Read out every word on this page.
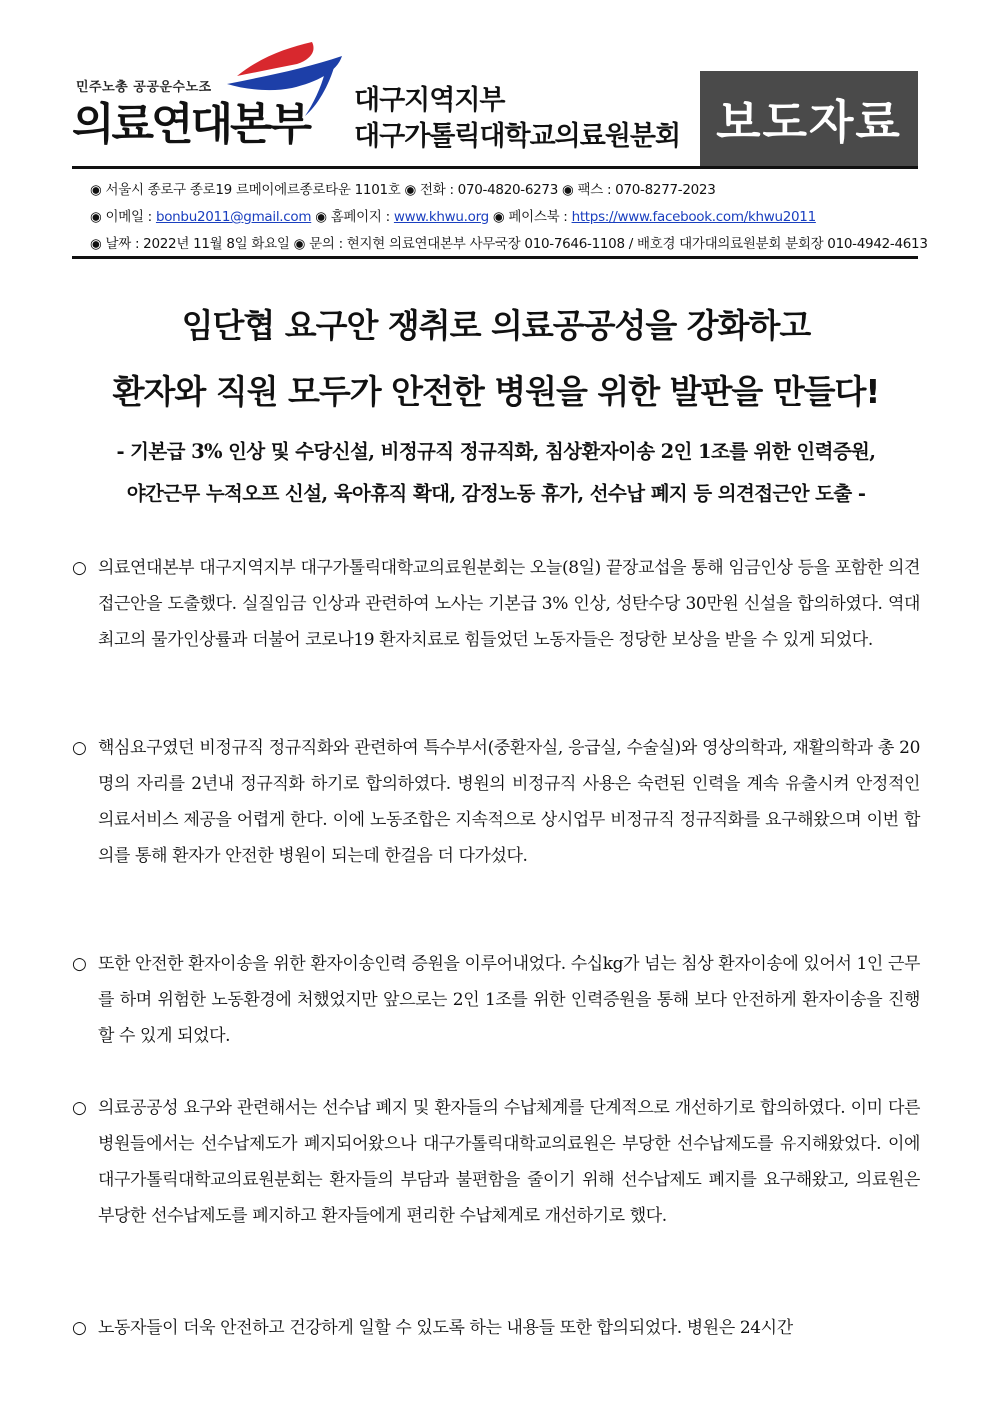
민주노총 공공운수노조
의료연대본부 대구지역지부
대구가톨릭대학교의료원분회 보도자료
◉ 서울시 종로구 종로19 르메이에르종로타운 1101호 ◉ 전화 : 070-4820-6273 ◉ 팩스 : 070-8277-2023
◉ 이메일 : bonbu2011@gmail.com ◉ 홈페이지 : www.khwu.org ◉ 페이스북 : https://www.facebook.com/khwu2011
◉ 날짜 : 2022년 11월 8일 화요일 ◉ 문의 : 현지현 의료연대본부 사무국장 010-7646-1108 / 배호경 대가대의료원분회 분회장 010-4942-4613
임단협 요구안 쟁취로 의료공공성을 강화하고
환자와 직원 모두가 안전한 병원을 위한 발판을 만들다!
- 기본급 3% 인상 및 수당신설, 비정규직 정규직화, 침상환자이송 2인 1조를 위한 인력증원,
야간근무 누적오프 신설, 육아휴직 확대, 감정노동 휴가, 선수납 폐지 등 의견접근안 도출 -
○ 의료연대본부 대구지역지부 대구가톨릭대학교의료원분회는 오늘(8일) 끝장교섭을 통해 임금인상 등을 포함한 의견 접근안을 도출했다. 실질임금 인상과 관련하여 노사는 기본급 3% 인상, 성탄수당 30만원 신설을 합의하였다. 역대 최고의 물가인상률과 더불어 코로나19 환자치료로 힘들었던 노동자들은 정당한 보상을 받을 수 있게 되었다.
○ 핵심요구였던 비정규직 정규직화와 관련하여 특수부서(중환자실, 응급실, 수술실)와 영상의학과, 재활의학과 총 20명의 자리를 2년내 정규직화 하기로 합의하였다. 병원의 비정규직 사용은 숙련된 인력을 계속 유출시켜 안정적인 의료서비스 제공을 어렵게 한다. 이에 노동조합은 지속적으로 상시업무 비정규직 정규직화를 요구해왔으며 이번 합의를 통해 환자가 안전한 병원이 되는데 한걸음 더 다가섰다.
○ 또한 안전한 환자이송을 위한 환자이송인력 증원을 이루어내었다. 수십kg가 넘는 침상 환자이송에 있어서 1인 근무를 하며 위험한 노동환경에 처했었지만 앞으로는 2인 1조를 위한 인력증원을 통해 보다 안전하게 환자이송을 진행할 수 있게 되었다.
○ 의료공공성 요구와 관련해서는 선수납 폐지 및 환자들의 수납체계를 단계적으로 개선하기로 합의하였다. 이미 다른 병원들에서는 선수납제도가 폐지되어왔으나 대구가톨릭대학교의료원은 부당한 선수납제도를 유지해왔었다. 이에 대구가톨릭대학교의료원분회는 환자들의 부담과 불편함을 줄이기 위해 선수납제도 폐지를 요구해왔고, 의료원은 부당한 선수납제도를 폐지하고 환자들에게 편리한 수납체계로 개선하기로 했다.
○ 노동자들이 더욱 안전하고 건강하게 일할 수 있도록 하는 내용들 또한 합의되었다. 병원은 24시간
